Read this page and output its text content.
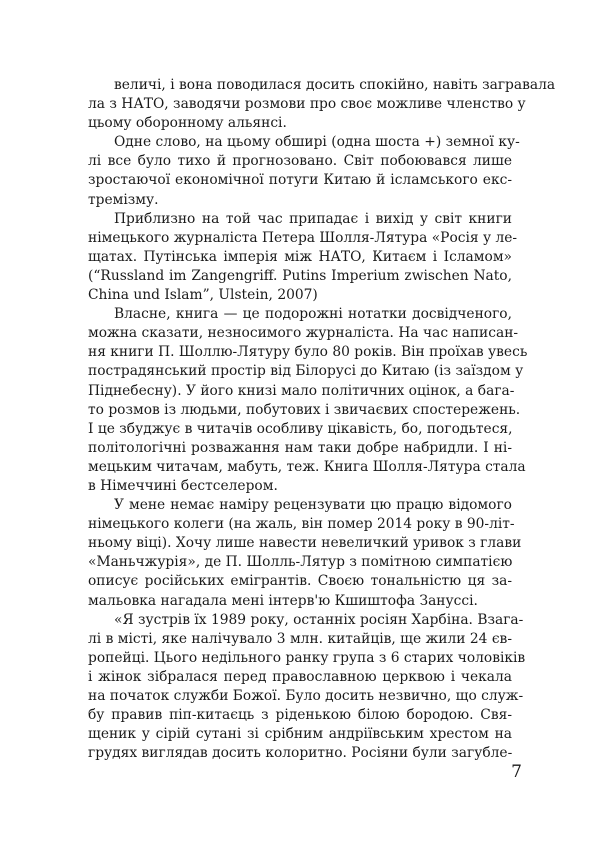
величі, і вона поводилася досить спокійно, навіть загравала
ла з НАТО, заводячи розмови про своє можливе членство у
цьому оборонному альянсі.
Одне слово, на цьому обширі (одна шоста +) земної ку-
лі все було тихо й прогнозовано. Світ побоювався лише
зростаючої економічної потуги Китаю й ісламського екс-
тремізму.
Приблизно на той час припадає і вихід у світ книги
німецького журналіста Петера Шолля-Лятура «Росія у ле-
щатах. Путінська імперія між НАТО, Китаєм і Ісламом»
(“Russland im Zangengriff. Putins Imperium zwischen Nato,
China und Islam”, Ulstein, 2007)
Власне, книга — це подорожні нотатки досвідченого,
можна сказати, незносимого журналіста. На час написан-
ня книги П. Шоллю-Лятуру було 80 років. Він проїхав увесь
пострадянський простір від Білорусі до Китаю (із заїздом у
Піднебесну). У його книзі мало політичних оцінок, а бага-
то розмов із людьми, побутових і звичаєвих спостережень.
І це збуджує в читачів особливу цікавість, бо, погодьтеся,
політологічні розважання нам таки добре набридли. І ні-
мецьким читачам, мабуть, теж. Книга Шолля-Лятура стала
в Німеччині бестселером.
У мене немає наміру рецензувати цю працю відомого
німецького колеги (на жаль, він помер 2014 року в 90-літ-
ньому віці). Хочу лише навести невеличкий уривок з глави
«Маньчжурія», де П. Шолль-Лятур з помітною симпатією
описує російських емігрантів. Своєю тональністю ця за-
мальовка нагадала мені інтерв'ю Кшиштофа Зануссі.
«Я зустрів їх 1989 року, останніх росіян Харбіна. Взага-
лі в місті, яке налічувало 3 млн. китайців, ще жили 24 єв-
ропейці. Цього недільного ранку група з 6 старих чоловіків
і жінок зібралася перед православною церквою і чекала
на початок служби Божої. Було досить незвично, що служ-
бу правив піп-китаєць з ріденькою білою бородою. Свя-
щеник у сірій сутані зі срібним андріївським хрестом на
грудях виглядав досить колоритно. Росіяни були загубле-
7
